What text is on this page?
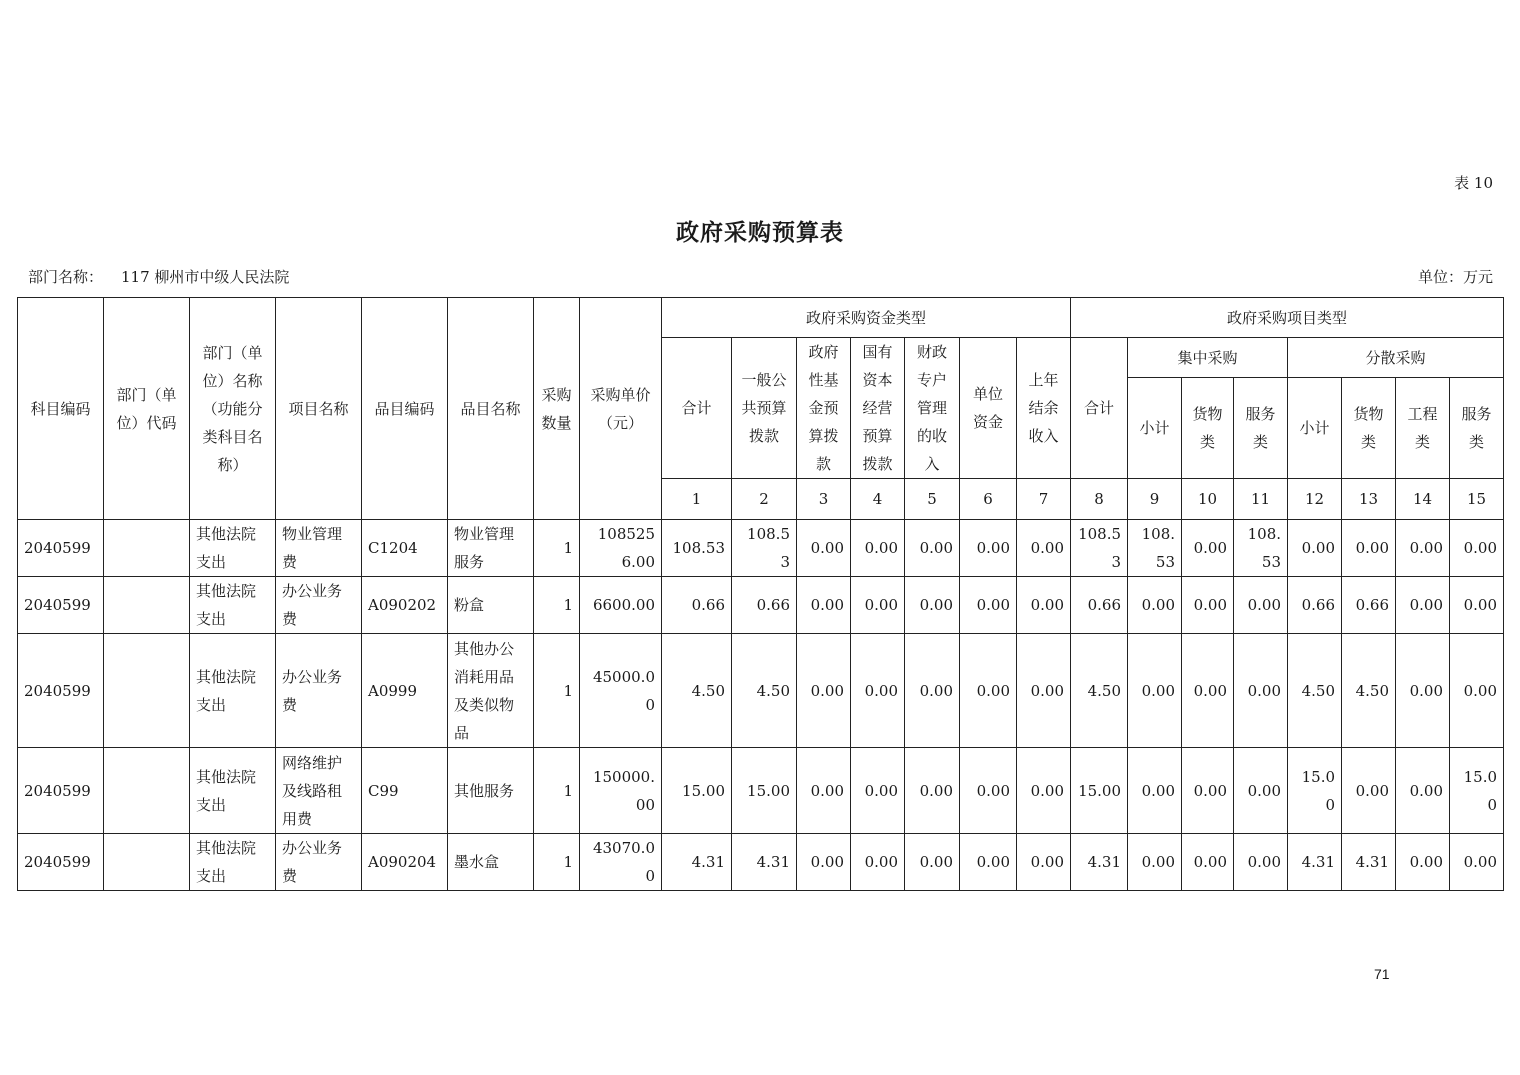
表 10
政府采购预算表
部门名称： 117 柳州市中级人民法院	单位：万元
科目编码	部门（单位）代码	部门（单位）名称（功能分类科目名称）	项目名称	品目编码	品目名称	采购数量	采购单价（元）	政府采购资金类型							政府采购项目类型							
								合计	一般公共预算拨款	政府性基金预算拨款	国有资本经营预算拨款	财政专户管理的收入	单位资金	上年结余收入	合计	集中采购			分散采购			
																小计	货物类	服务类	小计	货物类	工程类	服务类
								1	2	3	4	5	6	7	8	9	10	11	12	13	14	15
2040599		其他法院支出	物业管理费	C1204	物业管理服务	1	1085256.00	108.53	108.53	0.00	0.00	0.00	0.00	0.00	108.53	108.53	0.00	108.53	0.00	0.00	0.00	0.00
2040599		其他法院支出	办公业务费	A090202	粉盒	1	6600.00	0.66	0.66	0.00	0.00	0.00	0.00	0.00	0.66	0.00	0.00	0.00	0.66	0.66	0.00	0.00
2040599		其他法院支出	办公业务费	A0999	其他办公消耗用品及类似物品	1	45000.00	4.50	4.50	0.00	0.00	0.00	0.00	0.00	4.50	0.00	0.00	0.00	4.50	4.50	0.00	0.00
2040599		其他法院支出	网络维护及线路租用费	C99	其他服务	1	150000.00	15.00	15.00	0.00	0.00	0.00	0.00	0.00	15.00	0.00	0.00	0.00	15.00	0.00	0.00	15.00
2040599		其他法院支出	办公业务费	A090204	墨水盒	1	43070.00	4.31	4.31	0.00	0.00	0.00	0.00	0.00	4.31	0.00	0.00	0.00	4.31	4.31	0.00	0.00
71
